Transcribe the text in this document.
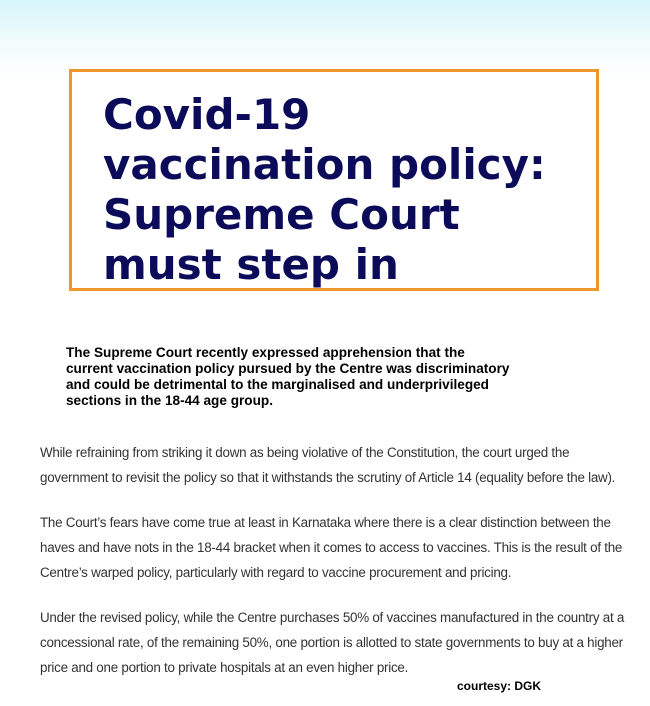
Covid-19
vaccination policy:
Supreme Court
must step in

The Supreme Court recently expressed apprehension that the
current vaccination policy pursued by the Centre was discriminatory
and could be detrimental to the marginalised and underprivileged
sections in the 18-44 age group.

While refraining from striking it down as being violative of the Constitution, the court urged the
government to revisit the policy so that it withstands the scrutiny of Article 14 (equality before the law).

The Court’s fears have come true at least in Karnataka where there is a clear distinction between the
haves and have nots in the 18-44 bracket when it comes to access to vaccines. This is the result of the
Centre’s warped policy, particularly with regard to vaccine procurement and pricing.

Under the revised policy, while the Centre purchases 50% of vaccines manufactured in the country at a
concessional rate, of the remaining 50%, one portion is allotted to state governments to buy at a higher
price and one portion to private hospitals at an even higher price.

courtesy: DGK
